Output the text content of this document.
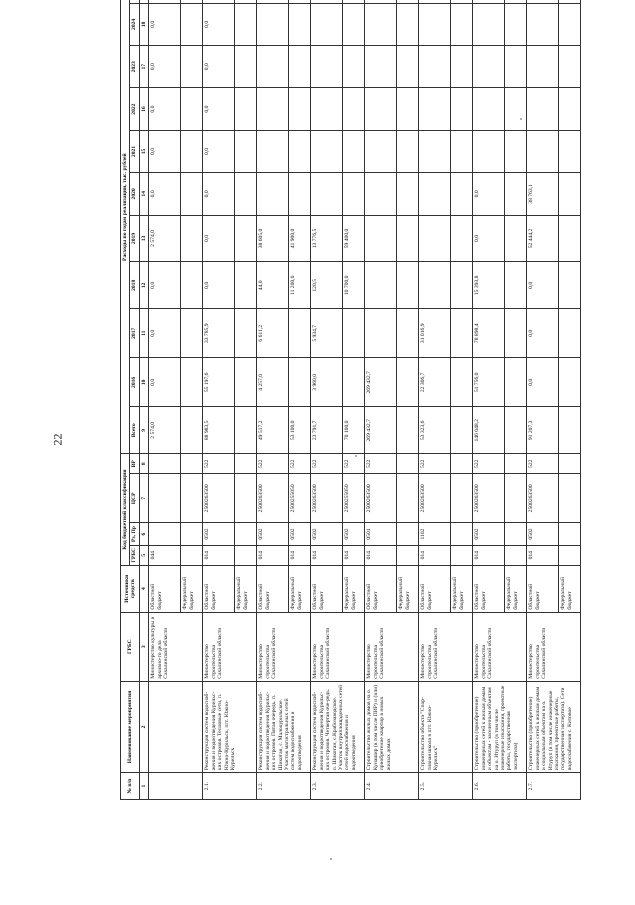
22
№ п/п	Наименование мероприятия	ГРБС	Источники средств	Код бюджетной классификации				Расходы по годам реализации, тыс. рублей										
				ГРБС	Рз, Пр	ЦСР	ВР	Всего	2016	2017	2018	2019	2020	2021	2022	2023	2024	
1	2	3	4	5	6	7	8	9	10	11	12	13	14	15	16	17	18	
		Министерство культуры и архивно-го дела Сахалинской области	Областной бюджет	044				2 574,0	0,0	0,0	0,0	2 574,0	0,0	0,0	0,0	0,0	0,0	
			Федеральный бюджет															
2.1.	Реконструкция систем водоснаб-жения и водоотведения Курильс-ких островов. Тепловые сети, п. Южно-Курильск, пгт. Южно-Курильск	Министерство строительства Сахалинской области	Областной бюджет	014	0502	2500263500	522	88 983,5	55 197,6	33 785,9	0,0	0,0	0,0	0,0	0,0	0,0	0,0	
			Федеральный бюджет															
2.2.	Реконструкция систем водоснаб-жения и водоотведения Курильс-ких островов. Пятая очередь. п. Шикотан, с. Малокурильское. Участок магистральных сетей систем водоснабжения и водоотведения	Министерство строительства Сахалинской области	Областной бюджет	014	0502	2500263500	522	49 517,2	4 257,0	6 611,2	44,0	38 605,0						
			Федеральный бюджет	014	0502	2500255050	522	53 100,0			11 200,0	41 900,0						
2.3.	Реконструкция систем водоснаб-жения и водоотведения Курильс-ких островов. Четвертая оче-редь. п. Шикотан, с.Крабозаводское. Участок внутриплощадочных сетей сетей водоснабжения и водоотведения	Министерство строительства Сахалинской области	Областной бюджет	014	0502	2500263500	522	23 791,7	3 960,0	5 934,7	120,5	13 776,5						
			Федеральный бюджет	014	0502	2500255050	522	70 100,0			10 700,0	59 400,0						
2.4.	Строительство жилых домов на о. Кунашир (в том числе ПИР) и (или) приобретение квартир в новых жилых домах	Министерство строительства Сахалинской области	Областной бюджет	014	0501	2500263500	522	269 432,7	269 432,7									
			Федеральный бюджет															
2.5.	Строительство объекта "Спор-тивная школа в пгт. Южно-Курильск"	Министерство строительства Сахалинской области	Областной бюджет	014	1102	2500263500	522	53 323,6	22 306,7	31 016,9								
			Федеральный бюджет															
2.6.	Строительство (приобретение) инженерных сетей к жилым домам и объектам - заселенным объектам на о. Итуруп (в том числе инженерные изыскания, проектные работы, государственная экспертиза)	Министерство строительства Сахалинской области	Областной бюджет	014	0502	2500263500	522	146 048,2	51 756,0	78 898,4	15 393,8	0,0	0,0					
			Федеральный бюджет															
2.7.	Строительство (приобретение) инженерных сетей к жилым домам и социальным объектам на о. Итуруп (в том числе инженерные изыскания, проектные работы, государственная экспертиза). Сети водоснабжения с. Китовое	Министерство строительства Сахалинской области	Областной бюджет	014	0502	2500263500	522	91 207,3	0,0	0,0	0,0	52 444,2	38 763,1					
			Федеральный бюджет															
